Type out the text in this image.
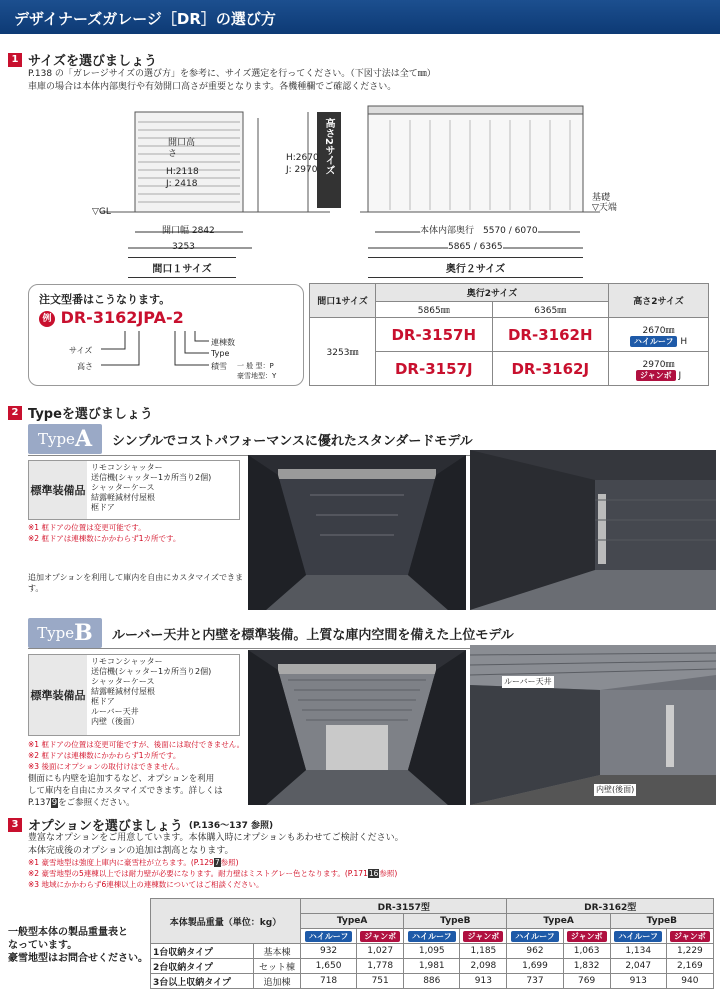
デザイナーズガレージ［DR］の選び方
1 サイズを選びましょう
P.138 の「ガレージサイズの選び方」を参考に、サイズ選定を行ってください。（下図寸法は全て㎜）
車庫の場合は本体内部奥行や有効開口高さが重要となります。各機種欄でご確認ください。
開口高さ
H:2118
J: 2418
H:2670
J: 2970 高さ2サイズ
▽GL
基礎
▽天端
開口幅 2842
3253
本体内部奥行　5570 / 6070
5865 / 6365
間口１サイズ	奥行２サイズ
注文型番はこうなります。
例 DR-3162JPA-2
サイズ
高さ
連棟数
Type
積雪 一 般 型：P
豪雪地型：Y
間口1サイズ	奥行2サイズ		高さ2サイズ
	5865㎜	6365㎜	
3253㎜	DR-3157H	DR-3162H	2670㎜
ハイルーフ H
	DR-3157J	DR-3162J	2970㎜
ジャンボ J
2 Typeを選びましょう
Type A シンプルでコストパフォーマンスに優れたスタンダードモデル
標準装備品
リモコンシャッター
送信機(シャッター1カ所当り2個)
シャッターケース
結露軽減材付屋根
框ドア
※1 框ドアの位置は変更可能です。
※2 框ドアは連棟数にかかわらず1カ所です。
追加オプションを利用して庫内を自由にカスタマイズできます。
Type B ルーバー天井と内壁を標準装備。上質な庫内空間を備えた上位モデル
標準装備品
リモコンシャッター
送信機(シャッター1カ所当り2個)
シャッターケース
結露軽減材付屋根
框ドア
ルーバー天井
内壁（後面）
※1 框ドアの位置は変更可能ですが、後面には取付できません。
※2 框ドアは連棟数にかかわらず1カ所です。
※3 後面にオプションの取付けはできません。
側面にも内壁を追加するなど、オプションを利用
して庫内を自由にカスタマイズできます。詳しくは
P.1379をご参照ください。
ルーバー天井
内壁(後面)
3 オプションを選びましょう (P.136〜137 参照)
豊富なオプションをご用意しています。本体購入時にオプションもあわせてご検討ください。
本体完成後のオプションの追加は割高となります。
※1 豪雪地型は強度上庫内に豪雪柱が立ちます。(P.1297参照)
※2 豪雪地型の5連棟以上では耐力壁が必要になります。耐力壁はミストグレー色となります。(P.17116参照)
※3 地域にかかわらず6連棟以上の連棟数についてはご相談ください。
一般型本体の製品重量表と
なっています。
豪雪地型はお問合せください。
本体製品重量（単位：kg）		DR-3157型				DR-3162型			
		TypeA		TypeB		TypeA		TypeB	
		ハイルーフ	ジャンボ	ハイルーフ	ジャンボ	ハイルーフ	ジャンボ	ハイルーフ	ジャンボ
1台収納タイプ	基本棟	932	1,027	1,095	1,185	962	1,063	1,134	1,229
2台収納タイプ	セット棟	1,650	1,778	1,981	2,098	1,699	1,832	2,047	2,169
3台以上収納タイプ	追加棟	718	751	886	913	737	769	913	940
